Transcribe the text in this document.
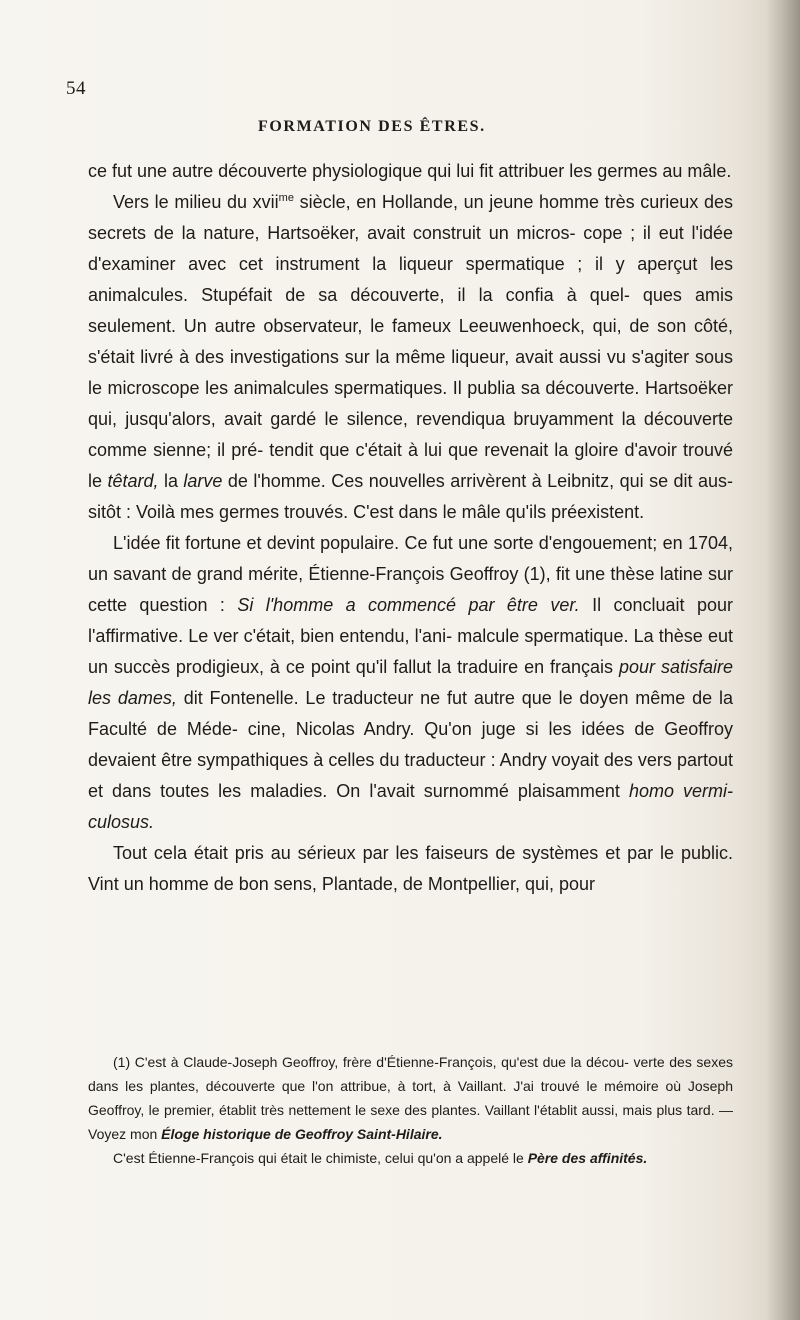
54
FORMATION DES ÊTRES.

ce fut une autre découverte physiologique qui lui fit attribuer les germes au mâle.

Vers le milieu du xvii$^{me}$ siècle, en Hollande, un jeune homme très curieux des secrets de la nature, Hartsoëker, avait construit un micros- cope ; il eut l'idée d'examiner avec cet instrument la liqueur spermatique ; il y aperçut les animalcules. Stupéfait de sa découverte, il la confia à quel- ques amis seulement. Un autre observateur, le fameux Leeuwenhoeck, qui, de son côté, s'était livré à des investigations sur la même liqueur, avait aussi vu s'agiter sous le microscope les animalcules spermatiques. Il publia sa découverte. Hartsoëker qui, jusqu'alors, avait gardé le silence, revendiqua bruyamment la découverte comme sienne; il pré- tendit que c'était à lui que revenait la gloire d'avoir trouvé le têtard, la larve de l'homme. Ces nouvelles arrivèrent à Leibnitz, qui se dit aus- sitôt : Voilà mes germes trouvés. C'est dans le mâle qu'ils préexistent.

L'idée fit fortune et devint populaire. Ce fut une sorte d'engouement; en 1704, un savant de grand mérite, Étienne-François Geoffroy (1), fit une thèse latine sur cette question : Si l'homme a commencé par être ver. Il concluait pour l'affirmative. Le ver c'était, bien entendu, l'ani- malcule spermatique. La thèse eut un succès prodigieux, à ce point qu'il fallut la traduire en français pour satisfaire les dames, dit Fontenelle. Le traducteur ne fut autre que le doyen même de la Faculté de Méde- cine, Nicolas Andry. Qu'on juge si les idées de Geoffroy devaient être sympathiques à celles du traducteur : Andry voyait des vers partout et dans toutes les maladies. On l'avait surnommé plaisamment homo vermi- culosus.

Tout cela était pris au sérieux par les faiseurs de systèmes et par le public. Vint un homme de bon sens, Plantade, de Montpellier, qui, pour

(1) C'est à Claude-Joseph Geoffroy, frère d'Étienne-François, qu'est due la décou- verte des sexes dans les plantes, découverte que l'on attribue, à tort, à Vaillant. J'ai trouvé le mémoire où Joseph Geoffroy, le premier, établit très nettement le sexe des plantes. Vaillant l'établit aussi, mais plus tard. — Voyez mon Éloge historique de Geoffroy Saint-Hilaire.

C'est Étienne-François qui était le chimiste, celui qu'on a appelé le Père des affinités.
